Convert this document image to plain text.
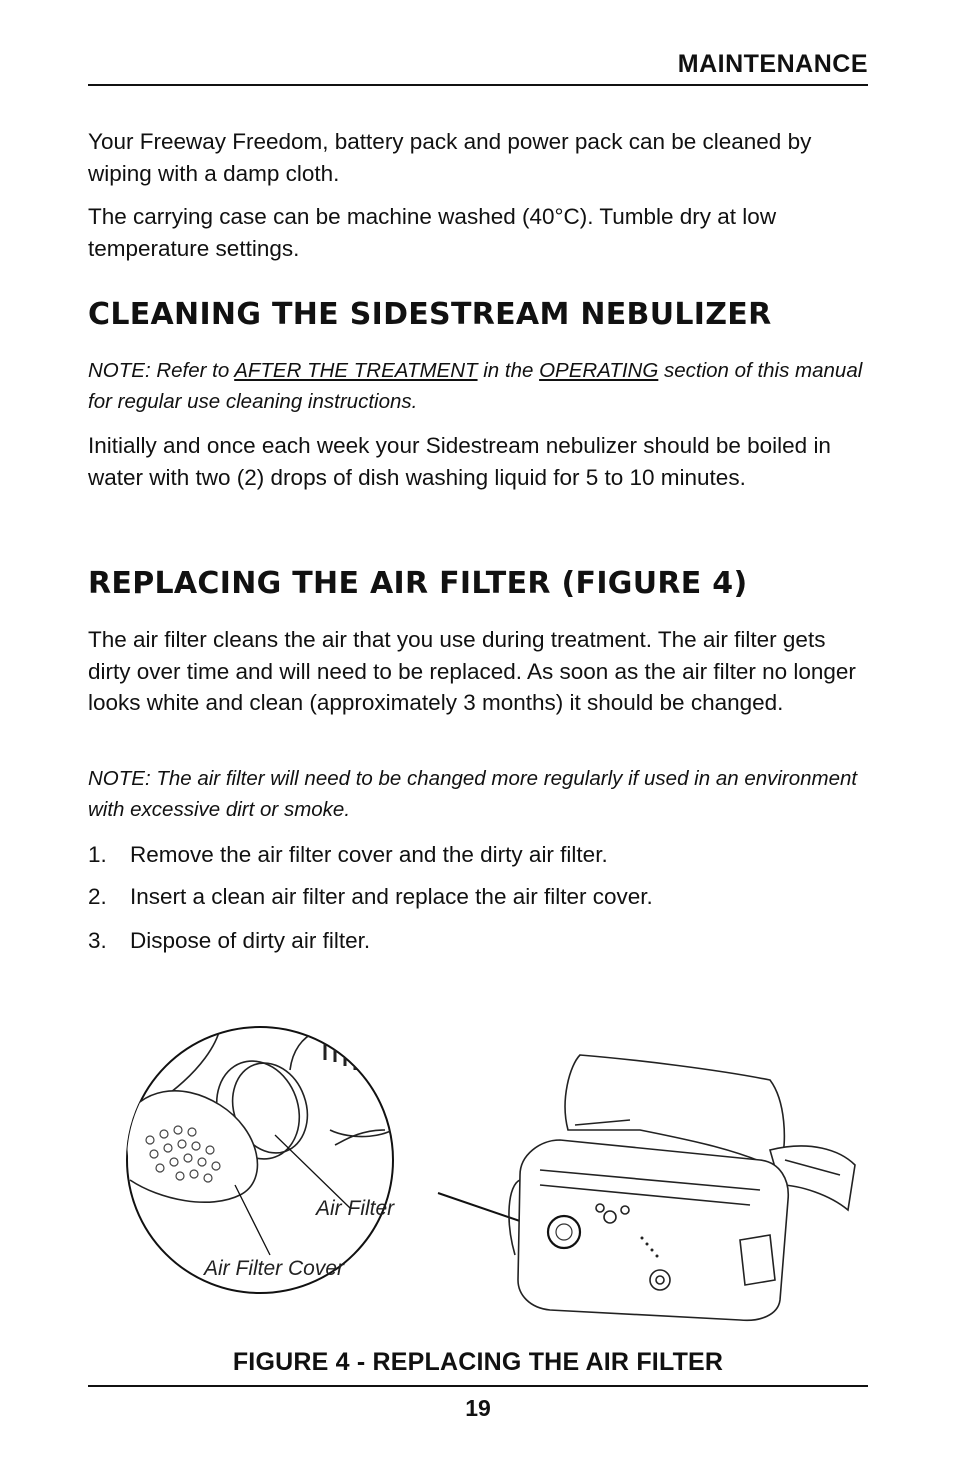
MAINTENANCE

Your Freeway Freedom, battery pack and power pack can be cleaned by wiping with a damp cloth.

The carrying case can be machine washed (40°C). Tumble dry at low temperature settings.

CLEANING THE SIDESTREAM NEBULIZER
NOTE: Refer to AFTER THE TREATMENT in the OPERATING section of this manual for regular use cleaning instructions.

Initially and once each week your Sidestream nebulizer should be boiled in water with two (2) drops of dish washing liquid for 5 to 10 minutes.

REPLACING THE AIR FILTER (FIGURE 4)

The air filter cleans the air that you use during treatment. The air filter gets dirty over time and will need to be replaced. As soon as the air filter no longer looks white and clean (approximately 3 months) it should be changed.

NOTE: The air filter will need to be changed more regularly if used in an environment with excessive dirt or smoke.

1. Remove the air filter cover and the dirty air filter.
2. Insert a clean air filter and replace the air filter cover.
3. Dispose of dirty air filter.
Air Filter
Air Filter Cover
FIGURE 4 - REPLACING THE AIR FILTER
19
